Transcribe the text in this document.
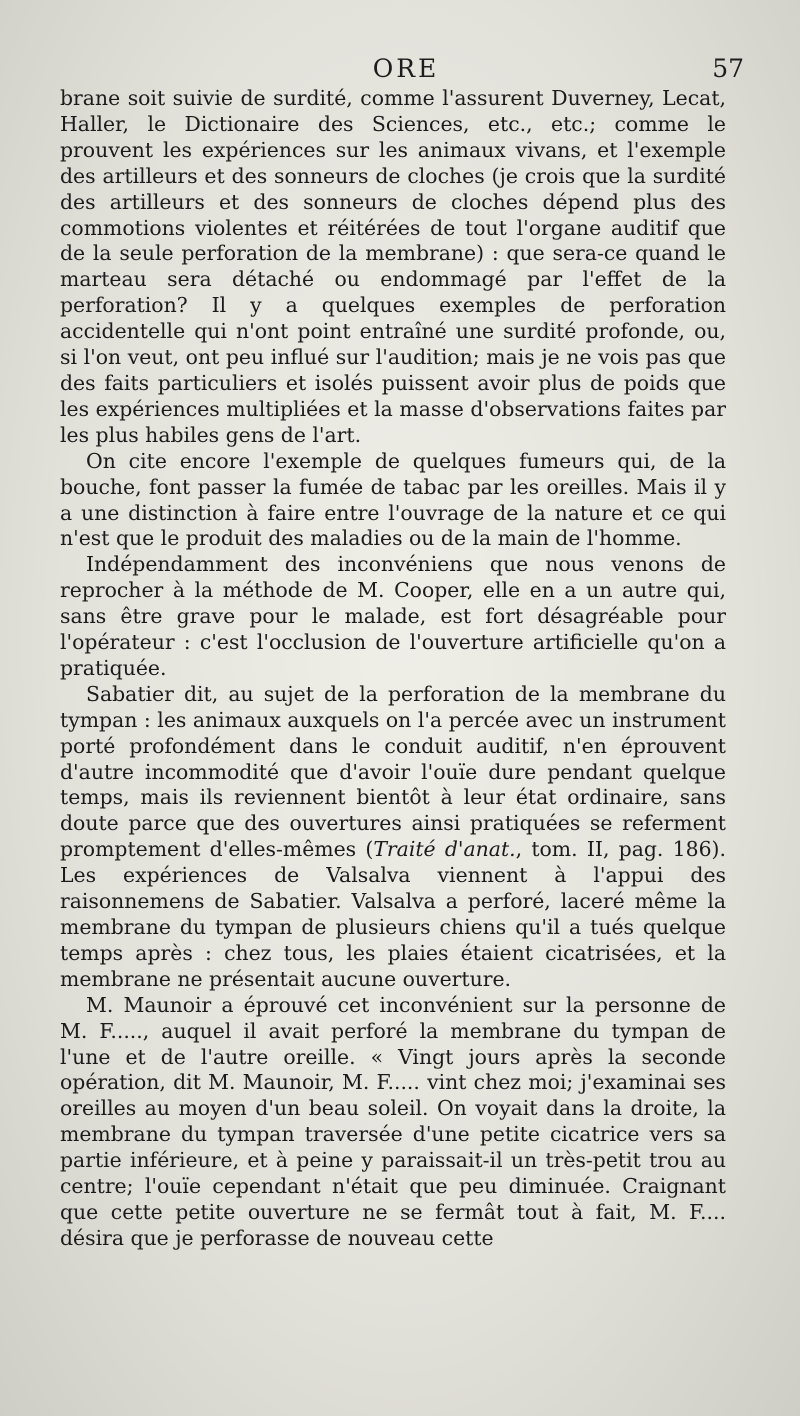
ORE	57

brane soit suivie de surdité, comme l'assurent Duverney, Lecat, Haller, le Dictionaire des Sciences, etc., etc.; comme le prouvent les expériences sur les animaux vivans, et l'exemple des artilleurs et des sonneurs de cloches (je crois que la surdité des artilleurs et des sonneurs de cloches dépend plus des commotions violentes et réitérées de tout l'organe auditif que de la seule perforation de la membrane) : que sera-ce quand le marteau sera détaché ou endommagé par l'effet de la perforation? Il y a quelques exemples de perforation accidentelle qui n'ont point entraîné une surdité profonde, ou, si l'on veut, ont peu influé sur l'audition; mais je ne vois pas que des faits particuliers et isolés puissent avoir plus de poids que les expériences multipliées et la masse d'observations faites par les plus habiles gens de l'art.

On cite encore l'exemple de quelques fumeurs qui, de la bouche, font passer la fumée de tabac par les oreilles. Mais il y a une distinction à faire entre l'ouvrage de la nature et ce qui n'est que le produit des maladies ou de la main de l'homme.

Indépendamment des inconvéniens que nous venons de reprocher à la méthode de M. Cooper, elle en a un autre qui, sans être grave pour le malade, est fort désagréable pour l'opérateur : c'est l'occlusion de l'ouverture artificielle qu'on a pratiquée.

Sabatier dit, au sujet de la perforation de la membrane du tympan : les animaux auxquels on l'a percée avec un instrument porté profondément dans le conduit auditif, n'en éprouvent d'autre incommodité que d'avoir l'ouïe dure pendant quelque temps, mais ils reviennent bientôt à leur état ordinaire, sans doute parce que des ouvertures ainsi pratiquées se referment promptement d'elles-mêmes (Traité d'anat., tom. II, pag. 186). Les expériences de Valsalva viennent à l'appui des raisonnemens de Sabatier. Valsalva a perforé, laceré même la membrane du tympan de plusieurs chiens qu'il a tués quelque temps après : chez tous, les plaies étaient cicatrisées, et la membrane ne présentait aucune ouverture.

M. Maunoir a éprouvé cet inconvénient sur la personne de M. F....., auquel il avait perforé la membrane du tympan de l'une et de l'autre oreille. « Vingt jours après la seconde opération, dit M. Maunoir, M. F..... vint chez moi; j'examinai ses oreilles au moyen d'un beau soleil. On voyait dans la droite, la membrane du tympan traversée d'une petite cicatrice vers sa partie inférieure, et à peine y paraissait-il un très-petit trou au centre; l'ouïe cependant n'était que peu diminuée. Craignant que cette petite ouverture ne se fermât tout à fait, M. F.... désira que je perforasse de nouveau cette
